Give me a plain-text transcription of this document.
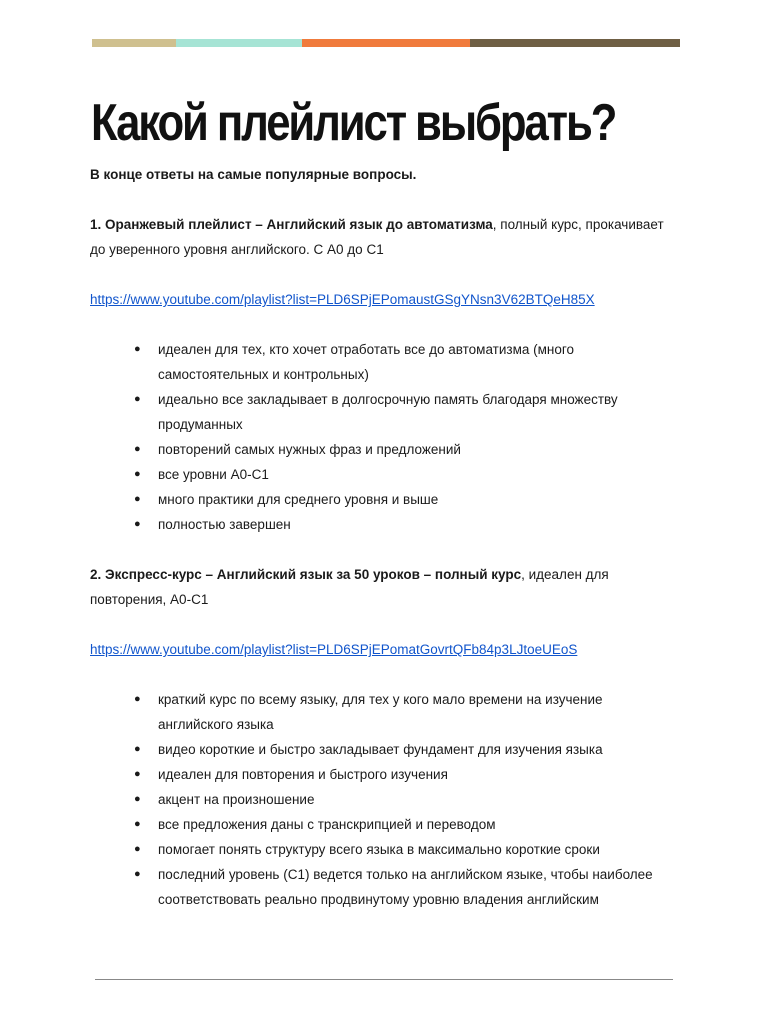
Какой плейлист выбрать?

В конце ответы на самые популярные вопросы.

1. Оранжевый плейлист – Английский язык до автоматизма, полный курс, прокачивает

до уверенного уровня английского. С А0 до С1

https://www.youtube.com/playlist?list=PLD6SPjEPomaustGSgYNsn3V62BTQeH85X

● идеален для тех, кто хочет отработать все до автоматизма (много
самостоятельных и контрольных)
● идеально все закладывает в долгосрочную память благодаря множеству
продуманных
● повторений самых нужных фраз и предложений
● все уровни А0-С1
● много практики для среднего уровня и выше
● полностью завершен

2. Экспресс-курс – Английский язык за 50 уроков – полный курс, идеален для

повторения, А0-С1

https://www.youtube.com/playlist?list=PLD6SPjEPomatGovrtQFb84p3LJtoeUEoS

● краткий курс по всему языку, для тех у кого мало времени на изучение
английского языка
● видео короткие и быстро закладывает фундамент для изучения языка
● идеален для повторения и быстрого изучения
● акцент на произношение
● все предложения даны с транскрипцией и переводом
● помогает понять структуру всего языка в максимально короткие сроки
● последний уровень (С1) ведется только на английском языке, чтобы наиболее
соответствовать реально продвинутому уровню владения английским
